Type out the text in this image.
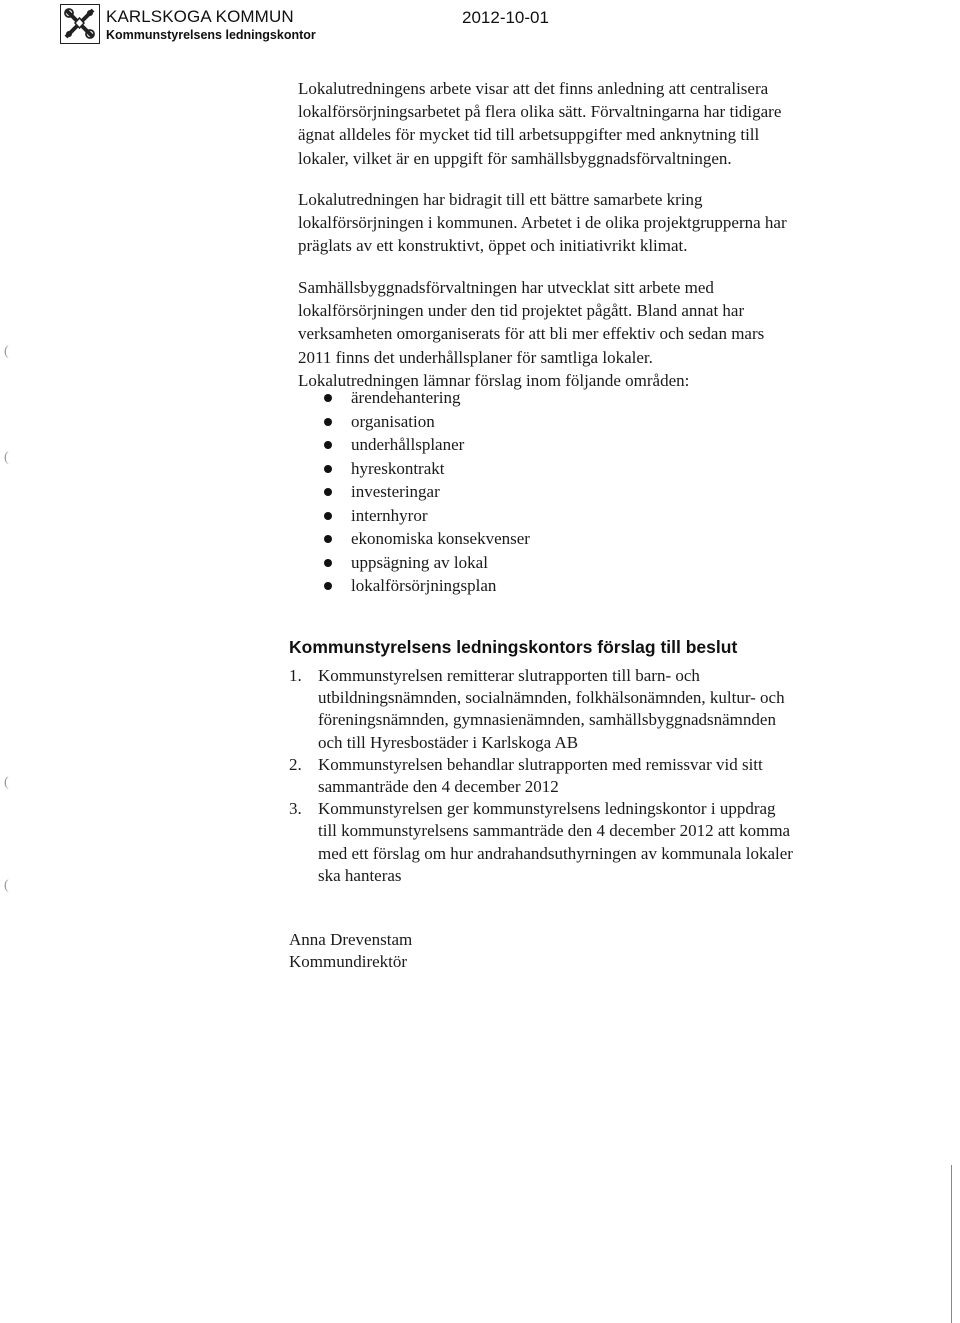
KARLSKOGA KOMMUN
Kommunstyrelsens ledningskontor
2012-10-01
Lokalutredningens arbete visar att det finns anledning att centralisera
lokalförsörjningsarbetet på flera olika sätt. Förvaltningarna har tidigare
ägnat alldeles för mycket tid till arbetsuppgifter med anknytning till
lokaler, vilket är en uppgift för samhällsbyggnadsförvaltningen.
Lokalutredningen har bidragit till ett bättre samarbete kring
lokalförsörjningen i kommunen. Arbetet i de olika projektgrupperna har
präglats av ett konstruktivt, öppet och initiativrikt klimat.
Samhällsbyggnadsförvaltningen har utvecklat sitt arbete med
lokalförsörjningen under den tid projektet pågått. Bland annat har
verksamheten omorganiserats för att bli mer effektiv och sedan mars
2011 finns det underhållsplaner för samtliga lokaler.
Lokalutredningen lämnar förslag inom följande områden:
ärendehantering
organisation
underhållsplaner
hyreskontrakt
investeringar
internhyror
ekonomiska konsekvenser
uppsägning av lokal
lokalförsörjningsplan
Kommunstyrelsens ledningskontors förslag till beslut
1. Kommunstyrelsen remitterar slutrapporten till barn- och
utbildningsnämnden, socialnämnden, folkhälsonämnden, kultur- och
föreningsnämnden, gymnasienämnden, samhällsbyggnadsnämnden
och till Hyresbostäder i Karlskoga AB
2. Kommunstyrelsen behandlar slutrapporten med remissvar vid sitt
sammanträde den 4 december 2012
3. Kommunstyrelsen ger kommunstyrelsens ledningskontor i uppdrag
till kommunstyrelsens sammanträde den 4 december 2012 att komma
med ett förslag om hur andrahandsuthyrningen av kommunala lokaler
ska hanteras
Anna Drevenstam
Kommundirektör
(
(
(
(
